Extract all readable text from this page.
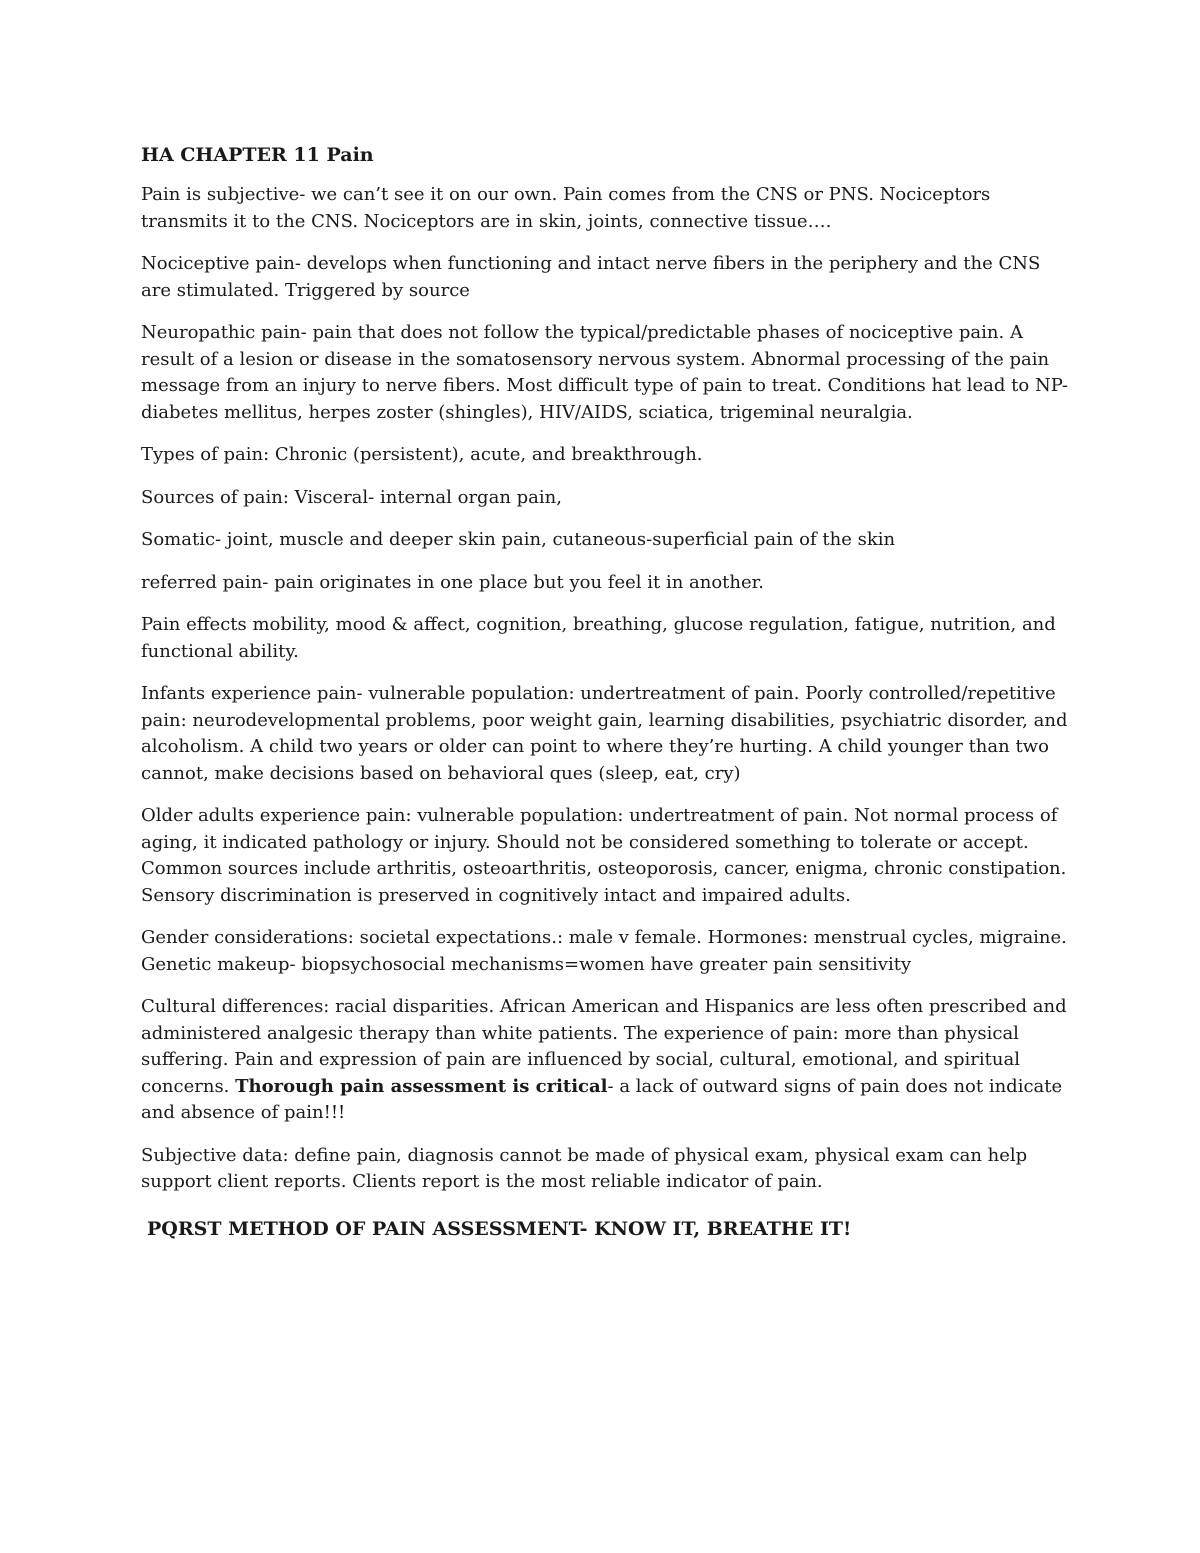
HA CHAPTER 11 Pain

Pain is subjective- we can’t see it on our own. Pain comes from the CNS or PNS. Nociceptors transmits it to the CNS. Nociceptors are in skin, joints, connective tissue….

Nociceptive pain- develops when functioning and intact nerve fibers in the periphery and the CNS are stimulated. Triggered by source

Neuropathic pain- pain that does not follow the typical/predictable phases of nociceptive pain. A result of a lesion or disease in the somatosensory nervous system. Abnormal processing of the pain message from an injury to nerve fibers. Most difficult type of pain to treat. Conditions hat lead to NP- diabetes mellitus, herpes zoster (shingles), HIV/AIDS, sciatica, trigeminal neuralgia.

Types of pain: Chronic (persistent), acute, and breakthrough.

Sources of pain: Visceral- internal organ pain,

Somatic- joint, muscle and deeper skin pain, cutaneous-superficial pain of the skin

referred pain- pain originates in one place but you feel it in another.

Pain effects mobility, mood & affect, cognition, breathing, glucose regulation, fatigue, nutrition, and functional ability.

Infants experience pain- vulnerable population: undertreatment of pain. Poorly controlled/repetitive pain: neurodevelopmental problems, poor weight gain, learning disabilities, psychiatric disorder, and alcoholism. A child two years or older can point to where they’re hurting. A child younger than two cannot, make decisions based on behavioral ques (sleep, eat, cry)

Older adults experience pain: vulnerable population: undertreatment of pain. Not normal process of aging, it indicated pathology or injury. Should not be considered something to tolerate or accept. Common sources include arthritis, osteoarthritis, osteoporosis, cancer, enigma, chronic constipation. Sensory discrimination is preserved in cognitively intact and impaired adults.

Gender considerations: societal expectations.: male v female. Hormones: menstrual cycles, migraine. Genetic makeup- biopsychosocial mechanisms=women have greater pain sensitivity

Cultural differences: racial disparities. African American and Hispanics are less often prescribed and administered analgesic therapy than white patients. The experience of pain: more than physical suffering. Pain and expression of pain are influenced by social, cultural, emotional, and spiritual concerns. Thorough pain assessment is critical- a lack of outward signs of pain does not indicate and absence of pain!!!

Subjective data: define pain, diagnosis cannot be made of physical exam, physical exam can help support client reports. Clients report is the most reliable indicator of pain.

PQRST METHOD OF PAIN ASSESSMENT- KNOW IT, BREATHE IT!
